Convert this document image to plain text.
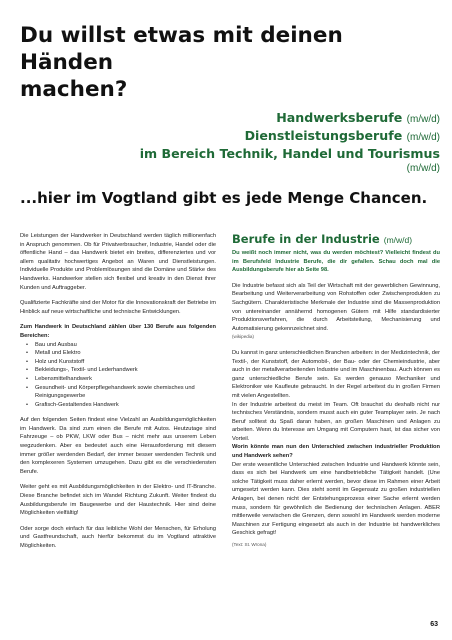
Du willst etwas mit deinen Händen
machen?
Handwerksberufe (m/w/d)
Dienstleistungsberufe (m/w/d)
im Bereich Technik, Handel und Tourismus
(m/w/d)
...hier im Vogtland gibt es jede Menge Chancen.

Die Leistungen der Handwerker in Deutschland werden täglich millionenfach in Anspruch genommen. Ob für Privatverbraucher, Industrie, Handel oder die öffentliche Hand – das Handwerk bietet ein breites, differenziertes und vor allem qualitativ hochwertiges Angebot an Waren und Dienstleistungen. Individuelle Produkte und Problemlösungen sind die Domäne und Stärke des Handwerks. Handwerker stellen sich flexibel und kreativ in den Dienst ihrer Kunden und Auftraggeber.

Qualifizierte Fachkräfte sind der Motor für die Innovationskraft der Betriebe im Hinblick auf neue wirtschaftliche und technische Entwicklungen.

Zum Handwerk in Deutschland zählen über 130 Berufe aus folgenden Bereichen:

• Bau und Ausbau
• Metall und Elektro
• Holz und Kunststoff
• Bekleidungs-, Textil- und Lederhandwerk
• Lebensmittelhandwerk
• Gesundheit- und Körperpflegehandwerk sowie chemisches und Reinigungsgewerbe
• Grafisch-Gestaltendes Handwerk

Auf den folgenden Seiten findest eine Vielzahl an Ausbildungsmöglichkeiten im Handwerk. Da sind zum einen die Berufe mit Autos. Heutzutage sind Fahrzeuge – ob PKW, LKW oder Bus – nicht mehr aus unserem Leben wegzudenken. Aber es bedeutet auch eine Herausforderung mit diesem immer größer werdenden Bedarf, der immer besser werdenden Technik und den komplexeren Systemen umzugehen. Dazu gibt es die verschiedensten Berufe.

Weiter geht es mit Ausbildungsmöglichkeiten in der Elektro- und IT-Branche. Diese Branche befindet sich im Wandel Richtung Zukunft. Weiter findest du Ausbildungsberufe im Baugewerbe und der Haustechnik. Hier sind deine Möglichkeiten vielfältig!

Oder sorge doch einfach für das leibliche Wohl der Menschen, für Erholung und Gastfreundschaft, auch hierfür bekommst du im Vogtland attraktive Möglichkeiten.

Berufe in der Industrie (m/w/d)

Du weißt noch immer nicht, was du werden möchtest? Vielleicht findest du im Berufsfeld Industrie Berufe, die dir gefallen. Schau doch mal die Ausbildungsberufe hier ab Seite 98.

Die Industrie befasst sich als Teil der Wirtschaft mit der gewerblichen Gewinnung, Bearbeitung und Weiterverarbeitung von Rohstoffen oder Zwischenprodukten zu Sachgütern. Charakteristische Merkmale der Industrie sind die Massenproduktion von untereinander annähernd homogenen Gütern mit Hilfe standardisierter Produktionsverfahren, die durch Arbeitsteilung, Mechanisierung und Automatisierung gekennzeichnet sind.

(wikipedia)

Du kannst in ganz unterschiedlichen Branchen arbeiten: in der Medizintechnik, der Textil-, der Kunststoff, der Automobil-, der Bau- oder der Chemieindustrie, aber auch in der metallverarbeitenden Industrie und im Maschinenbau. Auch können es ganz unterschiedliche Berufe sein. Es werden genauso Mechaniker und Elektroniker wie Kaufleute gebraucht. In der Regel arbeitest du in großen Firmen mit vielen Angestellten.

In der Industrie arbeitest du meist im Team. Oft brauchst du deshalb nicht nur technisches Verständnis, sondern musst auch ein guter Teamplayer sein. Je nach Beruf solltest du Spaß daran haben, an großen Maschinen und Anlagen zu arbeiten. Wenn du Interesse am Umgang mit Computern hast, ist das sicher von Vorteil.

Worin könnte man nun den Unterschied zwischen industrieller Produktion und Handwerk sehen?

Der erste wesentliche Unterschied zwischen Industrie und Handwerk könnte sein, dass es sich bei Handwerk um eine handbetriebliche Tätigkeit handelt. (Une solche Tätigkeit muss daher erlernt werden, bevor diese im Rahmen einer Arbeit umgesetzt werden kann. Dies steht somit im Gegensatz zu großen industriellen Anlagen, bei denen nicht der Entstehungsprozess einer Sache erlernt werden muss, sondern für gewöhnlich die Bedienung der technischen Anlagen. ABER mittlerweile verwischen die Grenzen, denn sowohl im Handwerk werden moderne Maschinen zur Fertigung eingesetzt als auch in der Industrie ist handwerkliches Geschick gefragt!

(Text: St. Wrona)

63
